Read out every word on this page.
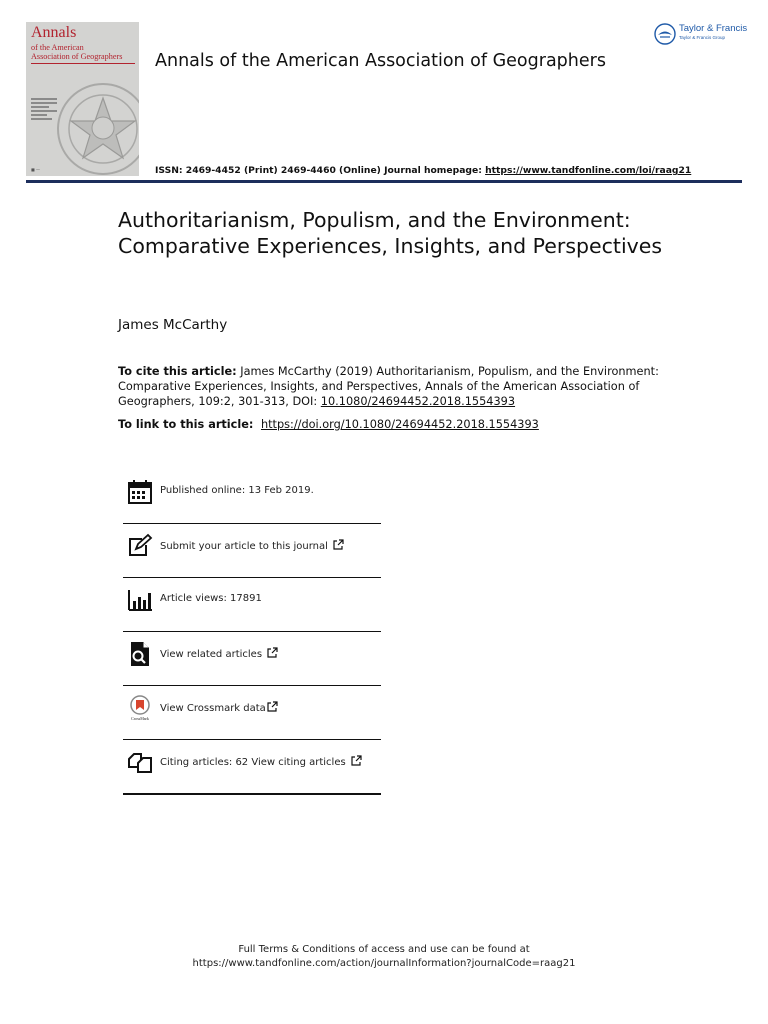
Annals
of the American
Association of Geographers
■ —
Annals of the American Association of Geographers
Taylor & Francis
Taylor & Francis Group
ISSN: 2469-4452 (Print) 2469-4460 (Online) Journal homepage: https://www.tandfonline.com/loi/raag21
Authoritarianism, Populism, and the Environment: Comparative Experiences, Insights, and Perspectives
James McCarthy
To cite this article: James McCarthy (2019) Authoritarianism, Populism, and the Environment: Comparative Experiences, Insights, and Perspectives, Annals of the American Association of Geographers, 109:2, 301-313, DOI: 10.1080/24694452.2018.1554393
To link to this article:  https://doi.org/10.1080/24694452.2018.1554393
Published online: 13 Feb 2019.
Submit your article to this journal
Article views: 17891
View related articles
CrossMark
View Crossmark data
Citing articles: 62 View citing articles
Full Terms & Conditions of access and use can be found at
https://www.tandfonline.com/action/journalInformation?journalCode=raag21
